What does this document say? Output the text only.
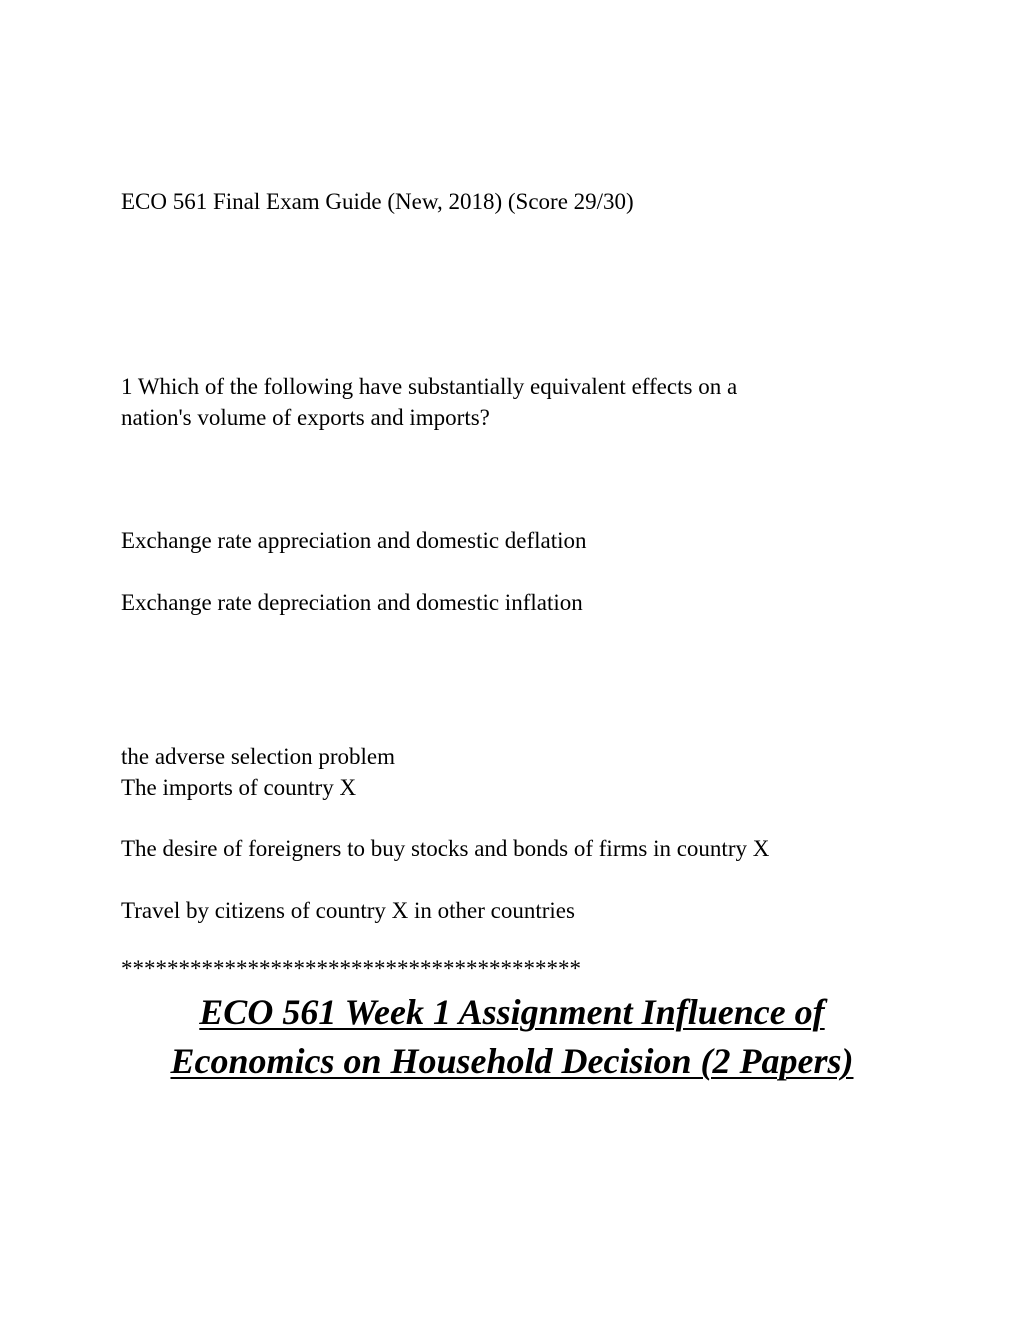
ECO 561 Final Exam Guide (New, 2018) (Score 29/30)
1 Which of the following have substantially equivalent effects on a
nation's volume of exports and imports?
Exchange rate appreciation and domestic deflation
Exchange rate depreciation and domestic inflation
the adverse selection problem
The imports of country X
The desire of foreigners to buy stocks and bonds of firms in country X
Travel by citizens of country X in other countries
****************************************
ECO 561 Week 1 Assignment Influence of
Economics on Household Decision (2 Papers)
